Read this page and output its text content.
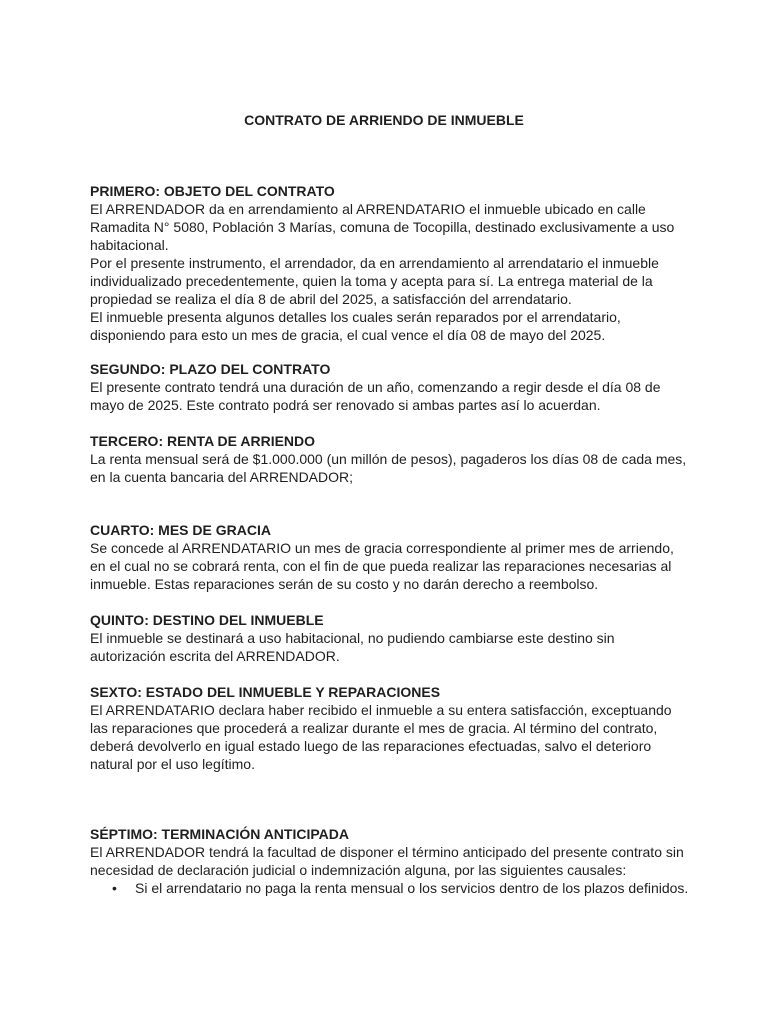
CONTRATO DE ARRIENDO DE INMUEBLE

PRIMERO: OBJETO DEL CONTRATO

El ARRENDADOR da en arrendamiento al ARRENDATARIO el inmueble ubicado en calle Ramadita N° 5080, Población 3 Marías, comuna de Tocopilla, destinado exclusivamente a uso habitacional.

Por el presente instrumento, el arrendador, da en arrendamiento al arrendatario el inmueble individualizado precedentemente, quien la toma y acepta para sí. La entrega material de la propiedad se realiza el día 8 de abril del 2025, a satisfacción del arrendatario.

El inmueble presenta algunos detalles los cuales serán reparados por el arrendatario, disponiendo para esto un mes de gracia, el cual vence el día 08 de mayo del 2025.

SEGUNDO: PLAZO DEL CONTRATO

El presente contrato tendrá una duración de un año, comenzando a regir desde el día 08 de mayo de 2025. Este contrato podrá ser renovado si ambas partes así lo acuerdan.

TERCERO: RENTA DE ARRIENDO

La renta mensual será de $1.000.000 (un millón de pesos), pagaderos los días 08 de cada mes, en la cuenta bancaria del ARRENDADOR;

CUARTO: MES DE GRACIA

Se concede al ARRENDATARIO un mes de gracia correspondiente al primer mes de arriendo, en el cual no se cobrará renta, con el fin de que pueda realizar las reparaciones necesarias al inmueble. Estas reparaciones serán de su costo y no darán derecho a reembolso.

QUINTO: DESTINO DEL INMUEBLE

El inmueble se destinará a uso habitacional, no pudiendo cambiarse este destino sin autorización escrita del ARRENDADOR.

SEXTO: ESTADO DEL INMUEBLE Y REPARACIONES

El ARRENDATARIO declara haber recibido el inmueble a su entera satisfacción, exceptuando las reparaciones que procederá a realizar durante el mes de gracia. Al término del contrato, deberá devolverlo en igual estado luego de las reparaciones efectuadas, salvo el deterioro natural por el uso legítimo.

SÉPTIMO: TERMINACIÓN ANTICIPADA

El ARRENDADOR tendrá la facultad de disponer el término anticipado del presente contrato sin necesidad de declaración judicial o indemnización alguna, por las siguientes causales:

• Si el arrendatario no paga la renta mensual o los servicios dentro de los plazos definidos.
